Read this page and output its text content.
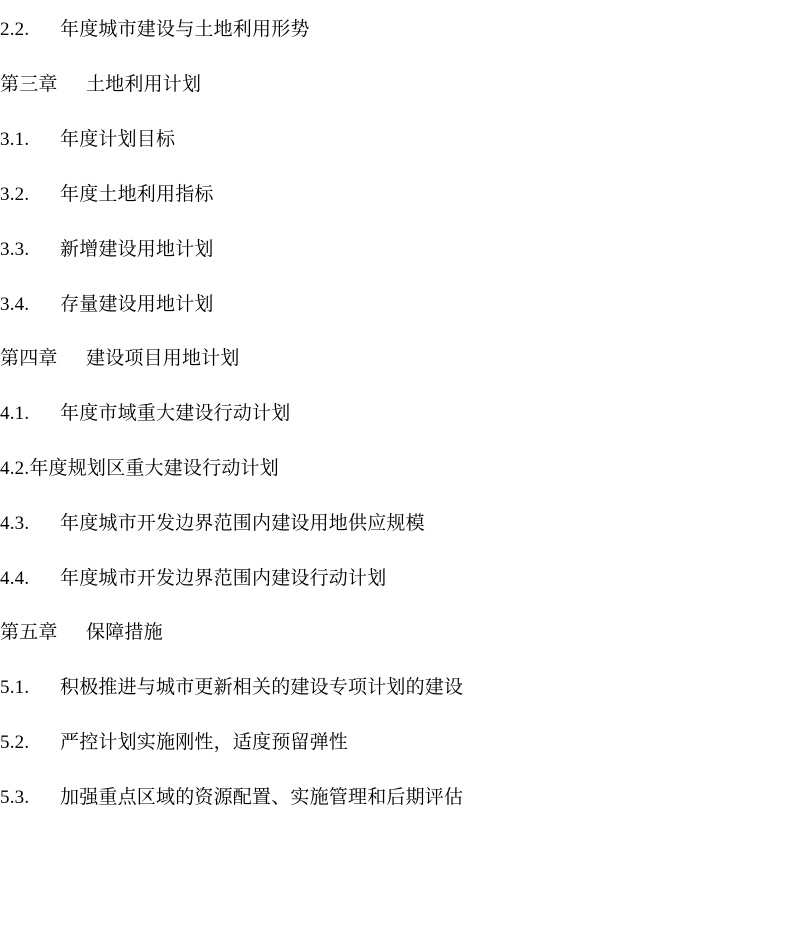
2.2. 年度城市建设与土地利用形势
第三章 土地利用计划
3.1. 年度计划目标
3.2. 年度土地利用指标
3.3. 新增建设用地计划
3.4. 存量建设用地计划
第四章 建设项目用地计划
4.1. 年度市域重大建设行动计划
4.2.年度规划区重大建设行动计划
4.3. 年度城市开发边界范围内建设用地供应规模
4.4. 年度城市开发边界范围内建设行动计划
第五章 保障措施
5.1. 积极推进与城市更新相关的建设专项计划的建设
5.2. 严控计划实施刚性，适度预留弹性
5.3. 加强重点区域的资源配置、实施管理和后期评估
